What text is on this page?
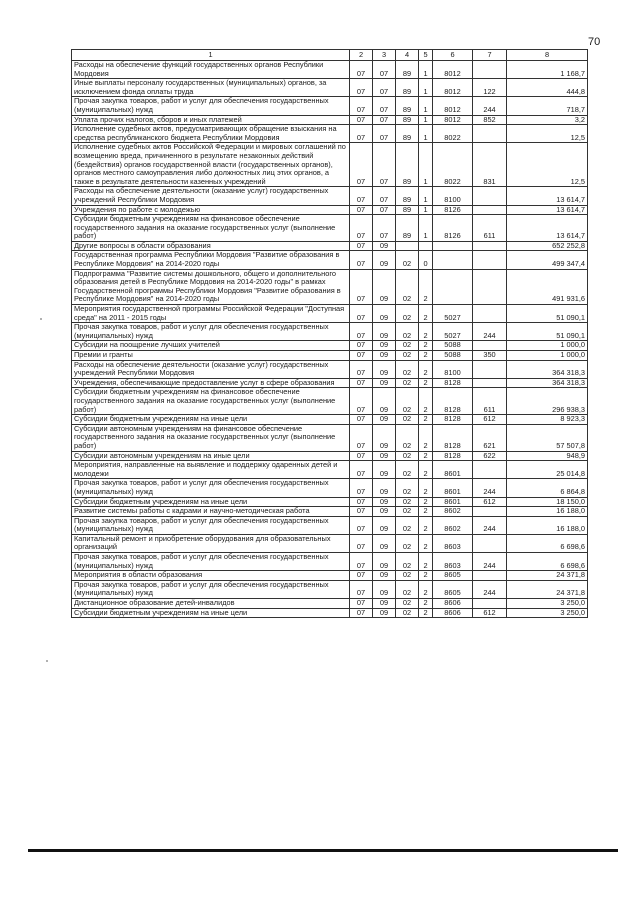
70
1	2	3	4	5	6	7	8
Расходы на обеспечение функций государственных органов Республики Мордовия	07	07	89	1	8012		1 168,7
Иные выплаты персоналу государственных (муниципальных) органов, за исключением фонда оплаты труда	07	07	89	1	8012	122	444,8
Прочая закупка товаров, работ и услуг для обеспечения государственных (муниципальных) нужд	07	07	89	1	8012	244	718,7
Уплата прочих налогов, сборов и иных платежей	07	07	89	1	8012	852	3,2
Исполнение судебных актов, предусматривающих обращение взыскания на средства республиканского бюджета Республики Мордовия	07	07	89	1	8022		12,5
Исполнение судебных актов Российской Федерации и мировых соглашений по возмещению вреда, причиненного в результате незаконных действий (бездействия) органов государственной власти (государственных органов), органов местного самоуправления либо должностных лиц этих органов, а также в результате деятельности казенных учреждений	07	07	89	1	8022	831	12,5
Расходы на обеспечение деятельности (оказание услуг) государственных учреждений Республики Мордовия	07	07	89	1	8100		13 614,7
Учреждения по работе с молодежью	07	07	89	1	8126		13 614,7
Субсидии бюджетным учреждениям на финансовое обеспечение государственного задания на оказание государственных услуг (выполнение работ)	07	07	89	1	8126	611	13 614,7
Другие вопросы в области образования	07	09					652 252,8
Государственная программа Республики Мордовия "Развитие образования в Республике Мордовия" на 2014-2020 годы	07	09	02	0			499 347,4
Подпрограмма "Развитие системы дошкольного, общего и дополнительного образования детей в Республике Мордовия на 2014-2020 годы" в рамках Государственной программы Республики Мордовия "Развитие образования в Республике Мордовия" на 2014-2020 годы	07	09	02	2			491 931,6
Мероприятия государственной программы Российской Федерации "Доступная среда" на 2011 - 2015 годы	07	09	02	2	5027		51 090,1
Прочая закупка товаров, работ и услуг для обеспечения государственных (муниципальных) нужд	07	09	02	2	5027	244	51 090,1
Субсидии на поощрение лучших учителей	07	09	02	2	5088		1 000,0
Премии и гранты	07	09	02	2	5088	350	1 000,0
Расходы на обеспечение деятельности (оказание услуг) государственных учреждений Республики Мордовия	07	09	02	2	8100		364 318,3
Учреждения, обеспечивающие предоставление услуг в сфере образования	07	09	02	2	8128		364 318,3
Субсидии бюджетным учреждениям на финансовое обеспечение государственного задания на оказание государственных услуг (выполнение работ)	07	09	02	2	8128	611	296 938,3
Субсидии бюджетным учреждениям на иные цели	07	09	02	2	8128	612	8 923,3
Субсидии автономным учреждениям на финансовое обеспечение государственного задания на оказание государственных услуг (выполнение работ)	07	09	02	2	8128	621	57 507,8
Субсидии автономным учреждениям на иные цели	07	09	02	2	8128	622	948,9
Мероприятия, направленные на выявление и поддержку одаренных детей и молодежи	07	09	02	2	8601		25 014,8
Прочая закупка товаров, работ и услуг для обеспечения государственных (муниципальных) нужд	07	09	02	2	8601	244	6 864,8
Субсидии бюджетным учреждениям на иные цели	07	09	02	2	8601	612	18 150,0
Развитие системы работы с кадрами и научно-методическая работа	07	09	02	2	8602		16 188,0
Прочая закупка товаров, работ и услуг для обеспечения государственных (муниципальных) нужд	07	09	02	2	8602	244	16 188,0
Капитальный ремонт и приобретение оборудования для образовательных организаций	07	09	02	2	8603		6 698,6
Прочая закупка товаров, работ и услуг для обеспечения государственных (муниципальных) нужд	07	09	02	2	8603	244	6 698,6
Мероприятия в области образования	07	09	02	2	8605		24 371,8
Прочая закупка товаров, работ и услуг для обеспечения государственных (муниципальных) нужд	07	09	02	2	8605	244	24 371,8
Дистанционное образование детей-инвалидов	07	09	02	2	8606		3 250,0
Субсидии бюджетным учреждениям на иные цели	07	09	02	2	8606	612	3 250,0
